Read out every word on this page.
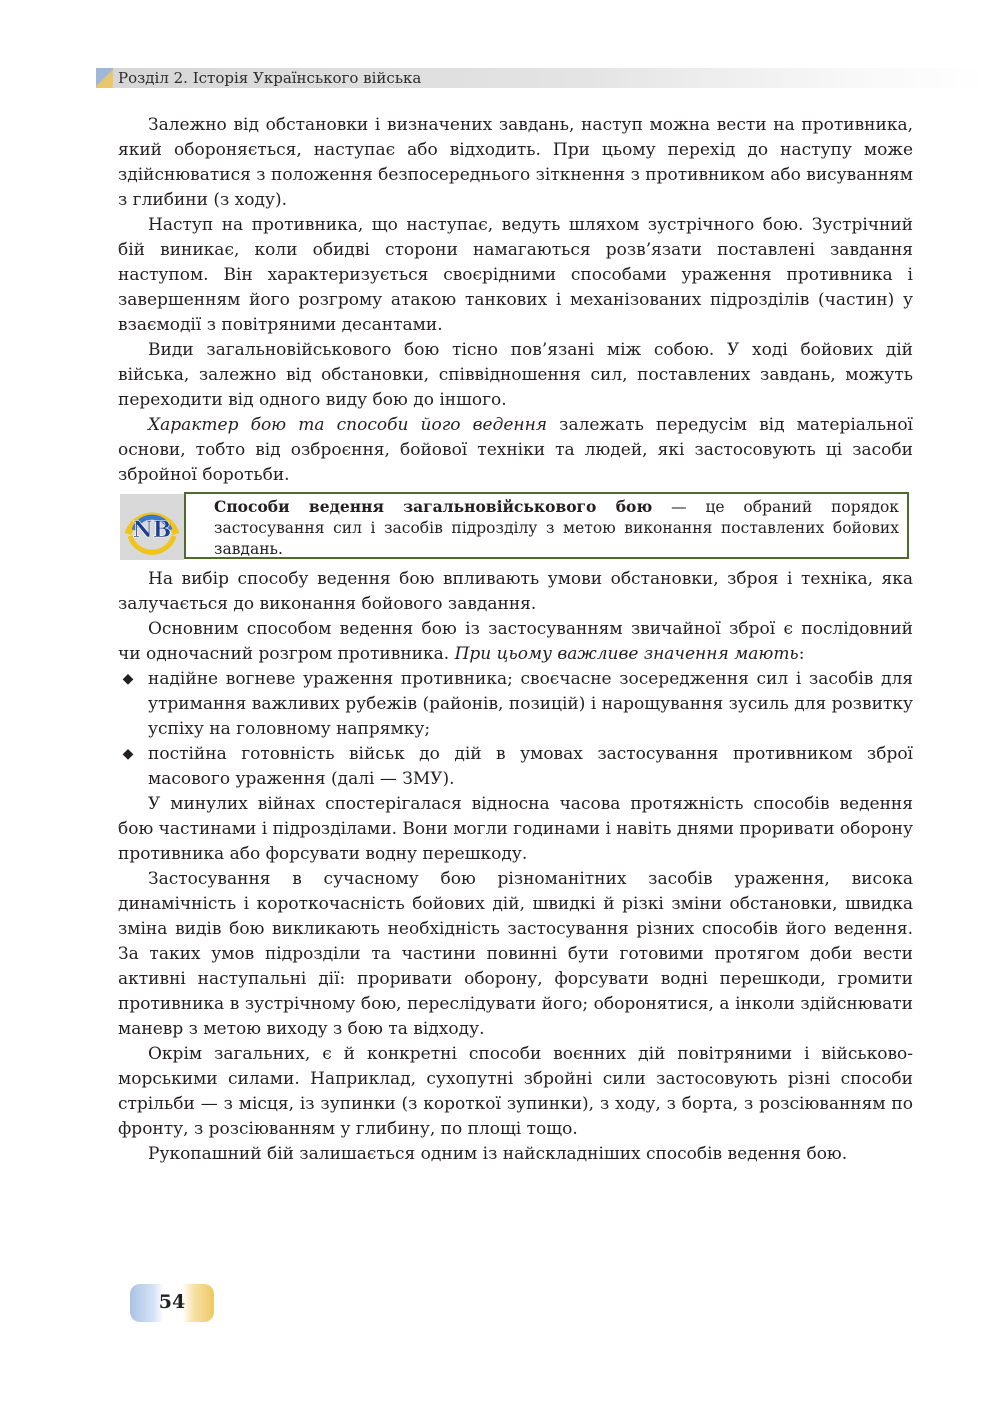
Розділ 2. Історія Українського війська

Залежно від обстановки і визначених завдань, наступ можна вести на противника, який обороняється, наступає або відходить. При цьому перехід до наступу може здійснюватися з положення безпосереднього зіткнення з противником або висуванням з глибини (з ходу).

Наступ на противника, що наступає, ведуть шляхом зустрічного бою. Зустрічний бій виникає, коли обидві сторони намагаються розв’язати поставлені завдання наступом. Він характеризується своєрідними способами ураження противника і завершенням його розгрому атакою танкових і механізованих підрозділів (частин) у взаємодії з повітряними десантами.

Види загальновійськового бою тісно пов’язані між собою. У ході бойових дій війська, залежно від обстановки, співвідношення сил, поставлених завдань, можуть переходити від одного виду бою до іншого.

Характер бою та способи його ведення залежать передусім від матеріальної основи, тобто від озброєння, бойової техніки та людей, які застосовують ці засоби збройної боротьби.

NB
Способи ведення загальновійськового бою — це обраний порядок застосування сил і засобів підрозділу з метою виконання поставлених бойових завдань.

На вибір способу ведення бою впливають умови обстановки, зброя і техніка, яка залучається до виконання бойового завдання.

Основним способом ведення бою із застосуванням звичайної зброї є послідовний чи одночасний розгром противника. При цьому важливе значення мають:

◆ надійне вогневе ураження противника; своєчасне зосередження сил і засобів для утримання важливих рубежів (районів, позицій) і нарощування зусиль для розвитку успіху на головному напрямку;
◆ постійна готовність військ до дій в умовах застосування противником зброї масового ураження (далі — ЗМУ).

У минулих війнах спостерігалася відносна часова протяжність способів ведення бою частинами і підрозділами. Вони могли годинами і навіть днями проривати оборону противника або форсувати водну перешкоду.

Застосування в сучасному бою різноманітних засобів ураження, висока динамічність і короткочасність бойових дій, швидкі й різкі зміни обстановки, швидка зміна видів бою викликають необхідність застосування різних способів його ведення. За таких умов підрозділи та частини повинні бути готовими протягом доби вести активні наступальні дії: проривати оборону, форсувати водні перешкоди, громити противника в зустрічному бою, переслідувати його; оборонятися, а інколи здійснювати маневр з метою виходу з бою та відходу.

Окрім загальних, є й конкретні способи воєнних дій повітряними і військово-морськими силами. Наприклад, сухопутні збройні сили застосовують різні способи стрільби — з місця, із зупинки (з короткої зупинки), з ходу, з борта, з розсіюванням по фронту, з розсіюванням у глибину, по площі тощо.

Рукопашний бій залишається одним із найскладніших способів ведення бою.

54
